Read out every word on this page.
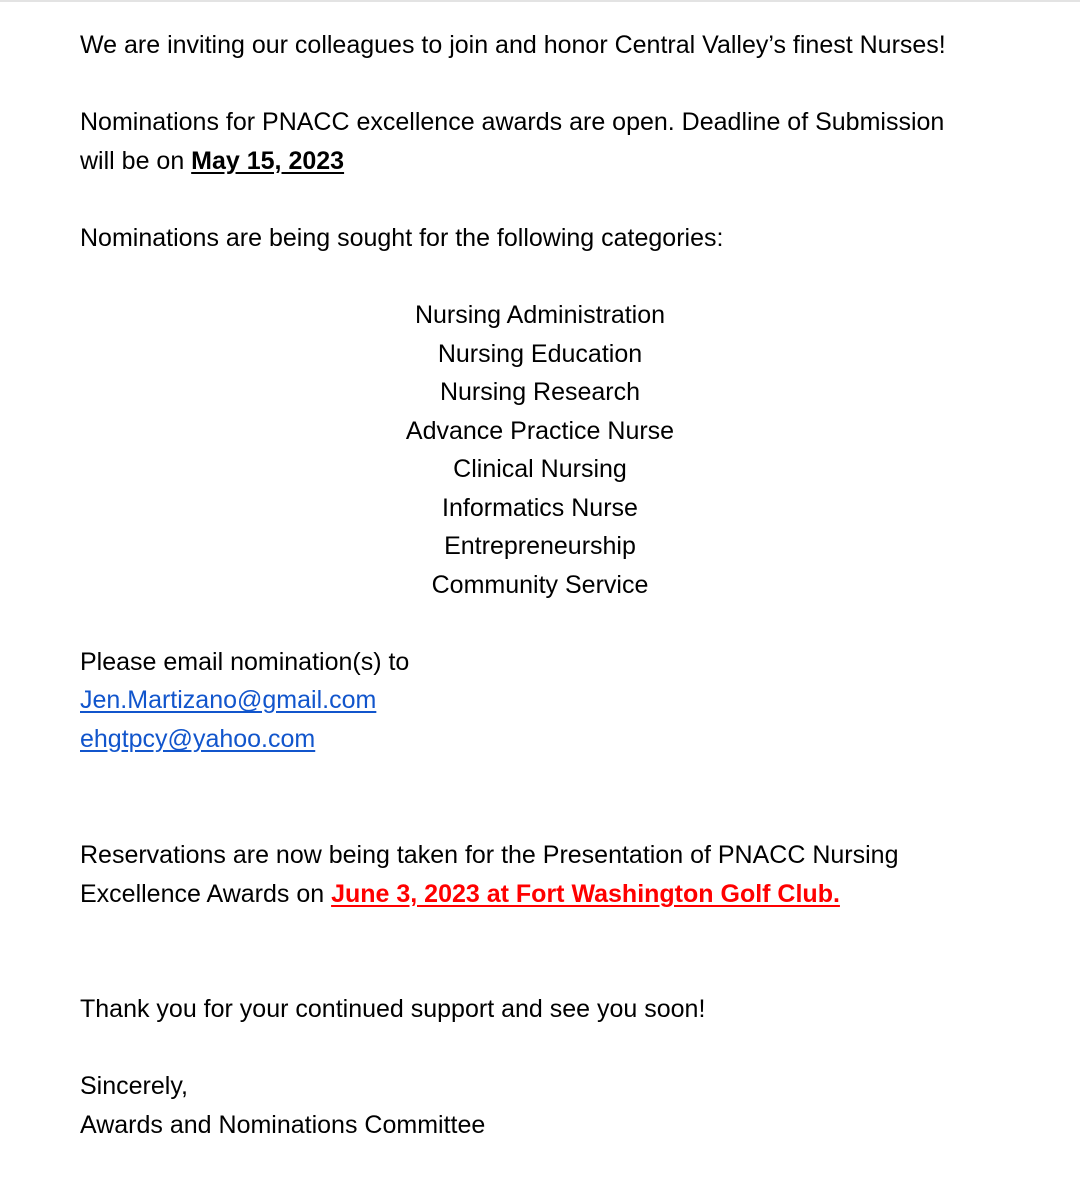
We are inviting our colleagues to join and honor Central Valley’s finest Nurses!
Nominations for PNACC excellence awards are open. Deadline of Submission
will be on May 15, 2023
Nominations are being sought for the following categories:
Nursing Administration
Nursing Education
Nursing Research
Advance Practice Nurse
Clinical Nursing
Informatics Nurse
Entrepreneurship
Community Service
Please email nomination(s) to
Jen.Martizano@gmail.com
ehgtpcy@yahoo.com
Reservations are now being taken for the Presentation of PNACC Nursing
Excellence Awards on June 3, 2023 at Fort Washington Golf Club.
Thank you for your continued support and see you soon!
Sincerely,
Awards and Nominations Committee
